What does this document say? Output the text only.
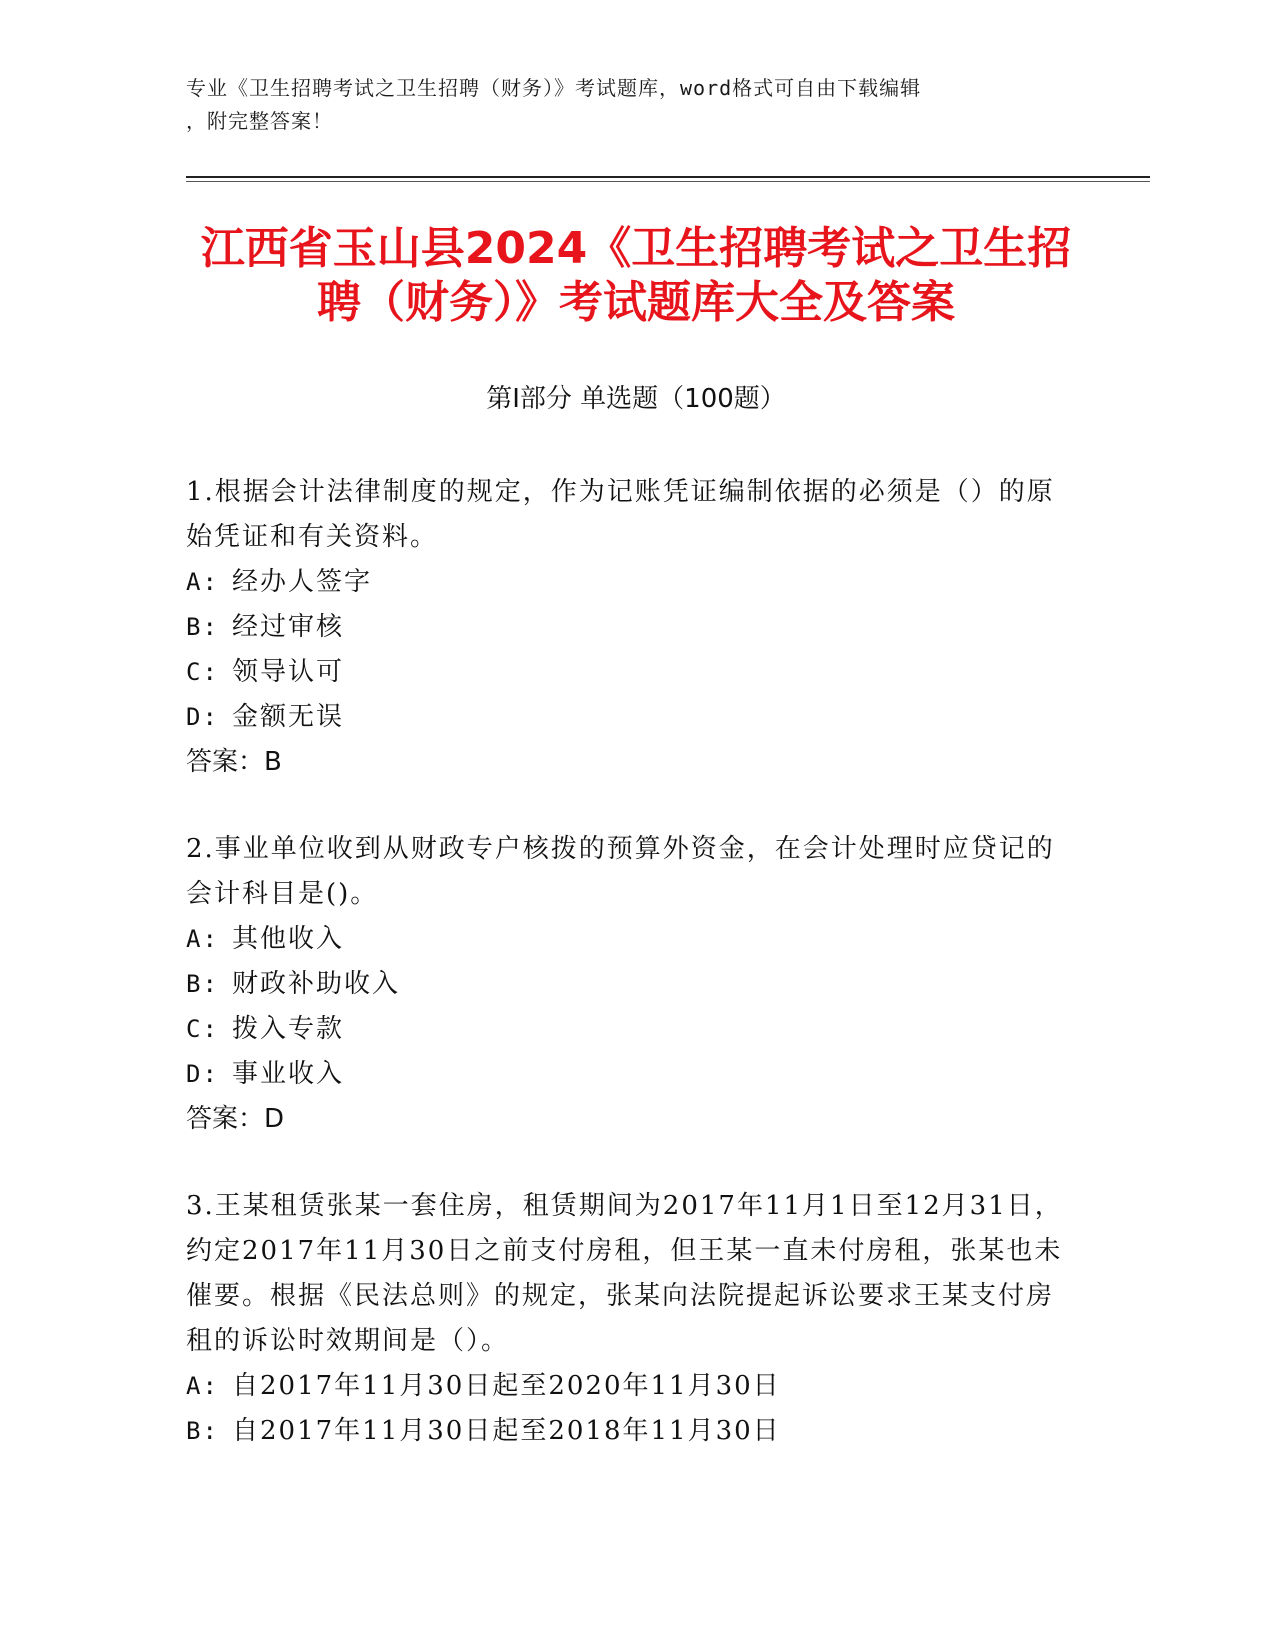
专业《卫生招聘考试之卫生招聘（财务）》考试题库，word格式可自由下载编辑
，附完整答案！
江西省玉山县2024《卫生招聘考试之卫生招
聘（财务）》考试题库大全及答案
第Ⅰ部分 单选题（100题）

1.根据会计法律制度的规定，作为记账凭证编制依据的必须是（）的原始凭证和有关资料。

A: 经办人签字

B: 经过审核

C: 领导认可

D: 金额无误

答案：B

2.事业单位收到从财政专户核拨的预算外资金，在会计处理时应贷记的会计科目是()。

A: 其他收入

B: 财政补助收入

C: 拨入专款

D: 事业收入

答案：D

3.王某租赁张某一套住房，租赁期间为2017年11月1日至12月31日，约定2017年11月30日之前支付房租，但王某一直未付房租，张某也未催要。根据《民法总则》的规定，张某向法院提起诉讼要求王某支付房租的诉讼时效期间是（）。

A: 自2017年11月30日起至2020年11月30日

B: 自2017年11月30日起至2018年11月30日
